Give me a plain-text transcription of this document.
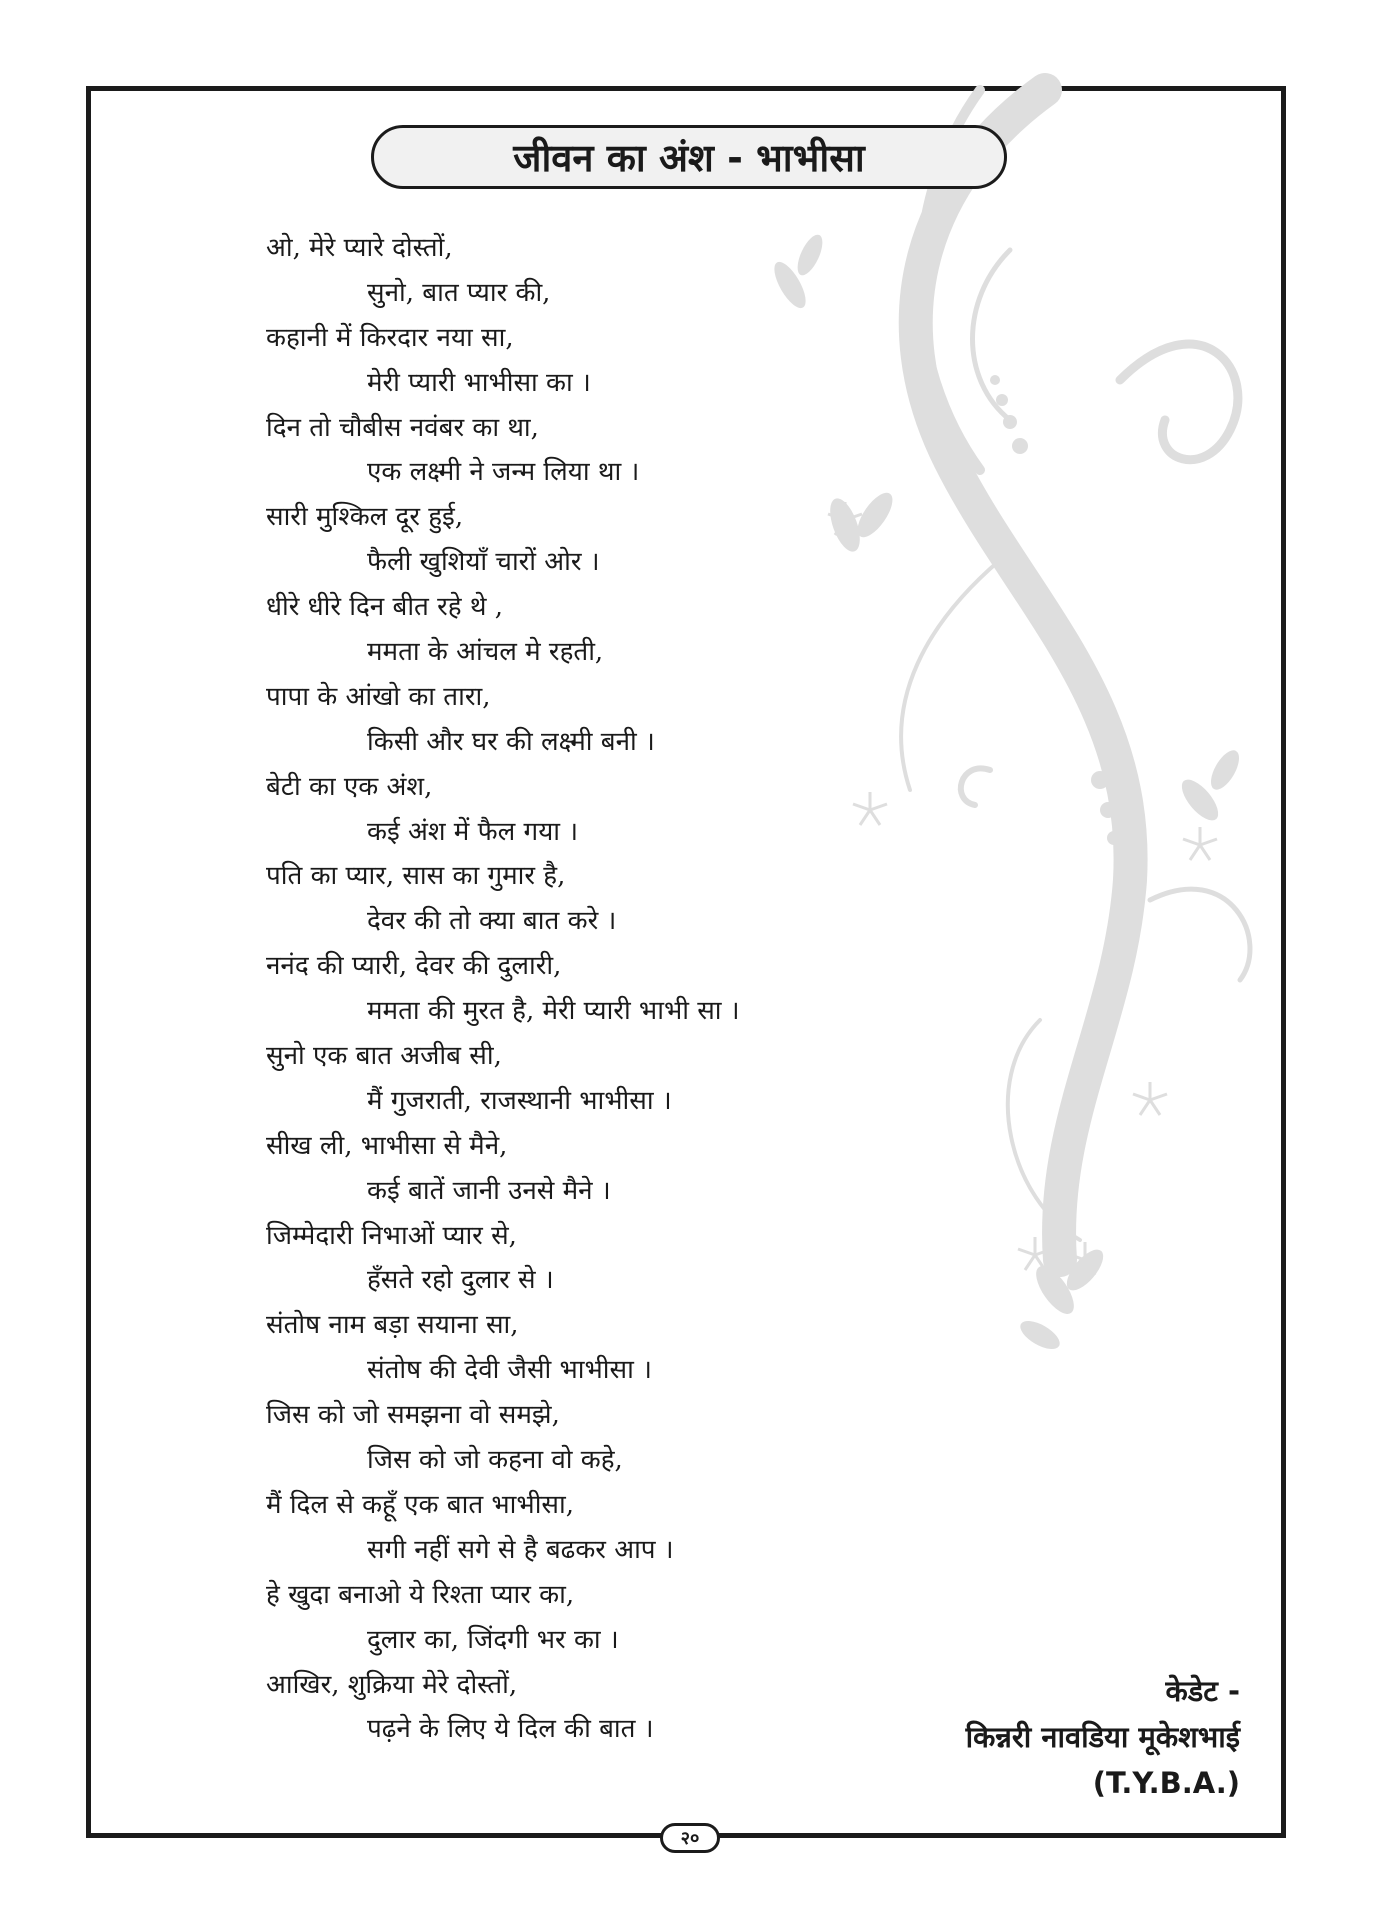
जीवन का अंश - भाभीसा
ओ, मेरे प्यारे दोस्तों,
सुनो, बात प्यार की,
कहानी में किरदार नया सा,
मेरी प्यारी भाभीसा का ।
दिन तो चौबीस नवंबर का था,
एक लक्ष्मी ने जन्म लिया था ।
सारी मुश्किल दूर हुई,
फैली खुशियाँ चारों ओर ।
धीरे धीरे दिन बीत रहे थे ,
ममता के आंचल मे रहती,
पापा के आंखो का तारा,
किसी और घर की लक्ष्मी बनी ।
बेटी का एक अंश,
कई अंश में फैल गया ।
पति का प्यार, सास का गुमार है,
देवर की तो क्या बात करे ।
ननंद की प्यारी, देवर की दुलारी,
ममता की मुरत है, मेरी प्यारी भाभी सा ।
सुनो एक बात अजीब सी,
मैं गुजराती, राजस्थानी भाभीसा ।
सीख ली, भाभीसा से मैने,
कई बातें जानी उनसे मैने ।
जिम्मेदारी निभाओं प्यार से,
हँसते रहो दुलार से ।
संतोष नाम बड़ा सयाना सा,
संतोष की देवी जैसी भाभीसा ।
जिस को जो समझना वो समझे,
जिस को जो कहना वो कहे,
मैं दिल से कहूँ एक बात भाभीसा,
सगी नहीं सगे से है बढकर आप ।
हे खुदा बनाओ ये रिश्ता प्यार का,
दुलार का, जिंदगी भर का ।
आखिर, शुक्रिया मेरे दोस्तों,
पढ़ने के लिए ये दिल की बात ।
केडेट -
किन्नरी नावडिया मूकेशभाई
(T.Y.B.A.)
२०
